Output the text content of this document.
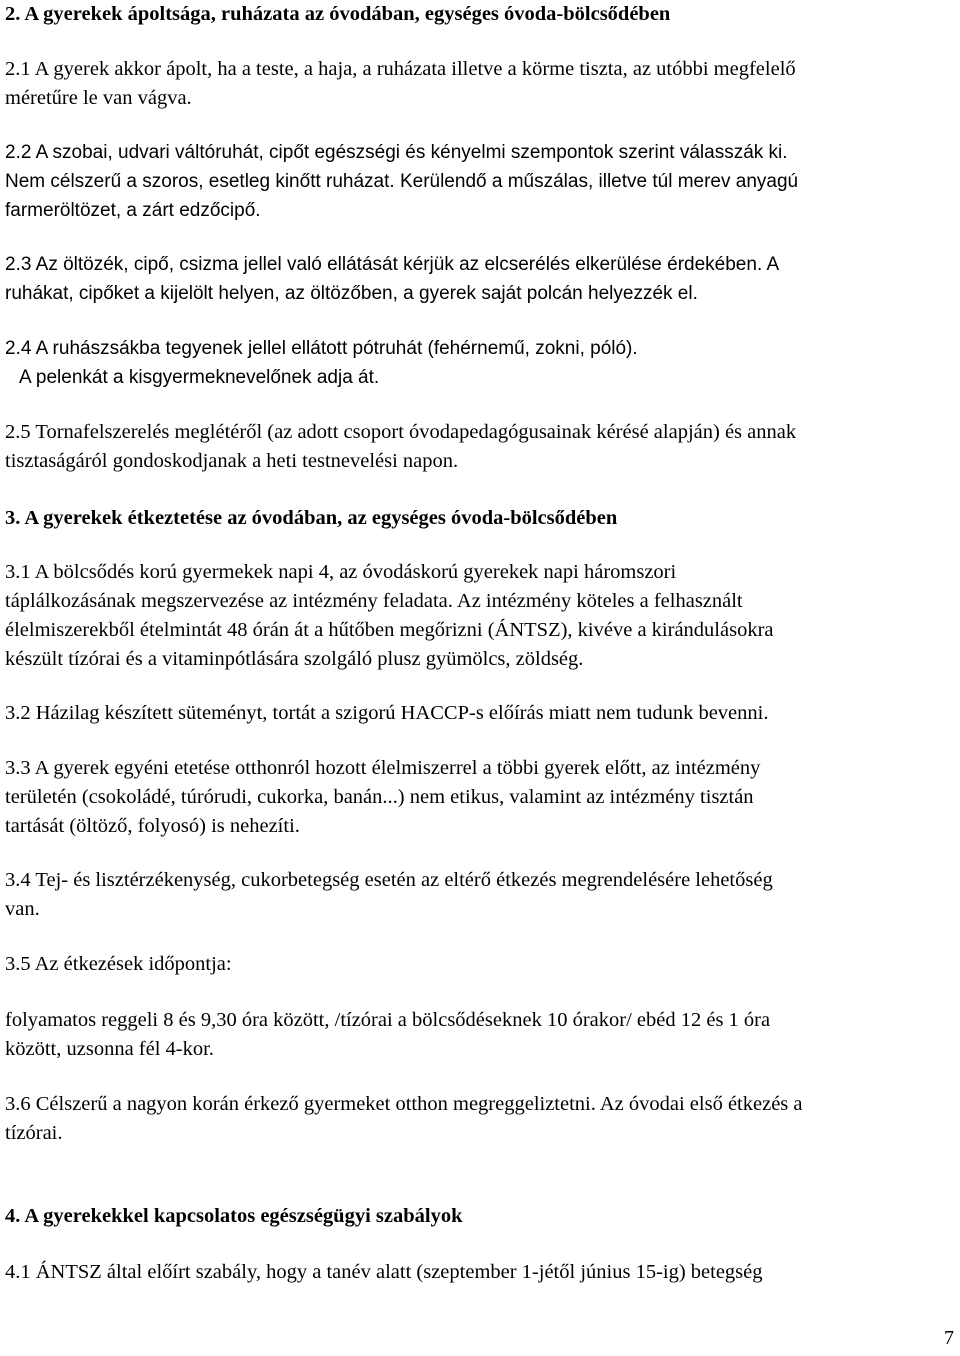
2. A gyerekek ápoltsága, ruházata az óvodában, egységes óvoda-bölcsődében
2.1 A gyerek akkor ápolt, ha a teste, a haja, a ruházata illetve a körme tiszta, az utóbbi megfelelő
méretűre le van vágva.
2.2 A szobai, udvari váltóruhát, cipőt egészségi és kényelmi szempontok szerint válasszák ki.
Nem célszerű a szoros, esetleg kinőtt ruházat. Kerülendő a műszálas, illetve túl merev anyagú
farmeröltözet, a zárt edzőcipő.
2.3 Az öltözék, cipő, csizma jellel való ellátását kérjük az elcserélés elkerülése érdekében. A
ruhákat, cipőket a kijelölt helyen, az öltözőben, a gyerek saját polcán helyezzék el.
2.4 A ruhászsákba tegyenek jellel ellátott pótruhát (fehérnemű, zokni, póló).
A pelenkát a kisgyermeknevelőnek adja át.
2.5 Tornafelszerelés meglétéről (az adott csoport óvodapedagógusainak kérésé alapján) és annak
tisztaságáról gondoskodjanak a heti testnevelési napon.
3. A gyerekek étkeztetése az óvodában, az egységes óvoda-bölcsődében
3.1 A bölcsődés korú gyermekek napi 4, az óvodáskorú gyerekek napi háromszori
táplálkozásának megszervezése az intézmény feladata. Az intézmény köteles a felhasznált
élelmiszerekből ételmintát 48 órán át a hűtőben megőrizni (ÁNTSZ), kivéve a kirándulásokra
készült tízórai és a vitaminpótlására szolgáló plusz gyümölcs, zöldség.
3.2 Házilag készített süteményt, tortát a szigorú HACCP-s előírás miatt nem tudunk bevenni.
3.3 A gyerek egyéni etetése otthonról hozott élelmiszerrel a többi gyerek előtt, az intézmény
területén (csokoládé, túrórudi, cukorka, banán...) nem etikus, valamint az intézmény tisztán
tartását (öltöző, folyosó) is nehezíti.
3.4 Tej- és lisztérzékenység, cukorbetegség esetén az eltérő étkezés megrendelésére lehetőség
van.
3.5 Az étkezések időpontja:
folyamatos reggeli 8 és 9,30 óra között, /tízórai a bölcsődéseknek 10 órakor/ ebéd 12 és 1 óra
között, uzsonna fél 4-kor.
3.6 Célszerű a nagyon korán érkező gyermeket otthon megreggeliztetni. Az óvodai első étkezés a
tízórai.
4. A gyerekekkel kapcsolatos egészségügyi szabályok
4.1 ÁNTSZ által előírt szabály, hogy a tanév alatt (szeptember 1-jétől június 15-ig) betegség
7
